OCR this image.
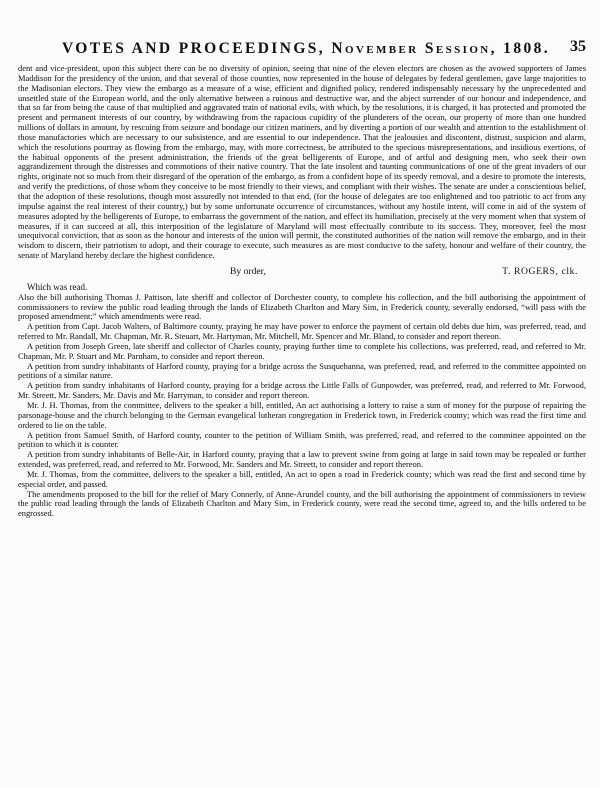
VOTES AND PROCEEDINGS, November Session, 1808. 35

dent and vice-president, upon this subject there can be no diversity of opinion, seeing that nine of the eleven electors are chosen as the avowed supporters of James Maddison for the presidency of the union, and that several of those counties, now represented in the house of delegates by federal gentlemen, gave large majorities to the Madisonian electors. They view the embargo as a measure of a wise, efficient and dignified policy, rendered indispensably necessary by the unprecedented and unsettled state of the European world, and the only alternative between a ruinous and destructive war, and the abject surrender of our honour and independence, and that so far from being the cause of that multiplied and aggravated train of national evils, with which, by the resolutions, it is charged, it has protected and promoted the present and permanent interests of our country, by withdrawing from the rapacious cupidity of the plunderers of the ocean, our property of more than one hundred millions of dollars in amount, by rescuing from seizure and bondage our citizen mariners, and by diverting a portion of our wealth and attention to the establishment of those manufactories which are necessary to our subsistence, and are essential to our independence. That the jealousies and discontent, distrust, suspicion and alarm, which the resolutions pourtray as flowing from the embargo, may, with more correctness, be attributed to the specious misrepresentations, and insidious exertions, of the habitual opponents of the present administration, the friends of the great belligerents of Europe, and of artful and designing men, who seek their own aggrandizement through the distresses and commotions of their native country. That the late insolent and taunting communications of one of the great invaders of our rights, originate not so much from their disregard of the operation of the embargo, as from a confident hope of its speedy removal, and a desire to promote the interests, and verify the predictions, of those whom they conceive to be most friendly to their views, and compliant with their wishes. The senate are under a conscientious belief, that the adoption of these resolutions, though most assuredly not intended to that end, (for the house of delegates are too enlightened and too patriotic to act from any impulse against the real interest of their country,) but by some unfortunate occurrence of circumstances, without any hostile intent, will come in aid of the system of measures adopted by the belligerents of Europe, to embarrass the government of the nation, and effect its humiliation, precisely at the very moment when that system of measures, if it can succeed at all, this interposition of the legislature of Maryland will most effectually contribute to its success. They, moreover, feel the most unequivocal conviction, that as soon as the honour and interests of the union will permit, the constituted authorities of the nation will remove the embargo, and in their wisdom to discern, their patriotism to adopt, and their courage to execute, such measures as are most conducive to the safety, honour and welfare of their country, the senate of Maryland hereby declare the highest confidence.

By order,	T. ROGERS, clk.

Which was read.

Also the bill authorising Thomas J. Pattison, late sheriff and collector of Dorchester county, to complete his collection, and the bill authorising the appointment of commissioners to review the public road leading through the lands of Elizabeth Charlton and Mary Sim, in Frederick county, severally endorsed, “will pass with the proposed amendment;” which amendments were read.

A petition from Capt. Jacob Walters, of Baltimore county, praying he may have power to enforce the payment of certain old debts due him, was preferred, read, and referred to Mr. Randall, Mr. Chapman, Mr. R. Steuart, Mr. Hartyman, Mr. Mitchell, Mr. Spencer and Mr. Bland, to consider and report thereon.

A petition from Joseph Green, late sheriff and collector of Charles county, praying further time to complete his collections, was preferred, read, and referred to Mr. Chapman, Mr. P. Stuart and Mr. Parnham, to consider and report thereon.

A petition from sundry inhabitants of Harford county, praying for a bridge across the Susquehanna, was preferred, read, and referred to the committee appointed on petitions of a similar nature.

A petition from sundry inhabitants of Harford county, praying for a bridge across the Little Falls of Gunpowder, was preferred, read, and referred to Mr. Forwood, Mr. Streett, Mr. Sanders, Mr. Davis and Mr. Harryman, to consider and report thereon.

Mr. J. H. Thomas, from the committee, delivers to the speaker a bill, entitled, An act authorising a lottery to raise a sum of money for the purpose of repairing the parsonage-house and the church belonging to the German evangelical lutheran congregation in Frederick town, in Frederick county; which was read the first time and ordered to lie on the table.

A petition from Samuel Smith, of Harford county, counter to the petition of William Smith, was preferred, read, and referred to the committee appointed on the petition to which it is counter.

A petition from sundry inhabitants of Belle-Air, in Harford county, praying that a law to prevent swine from going at large in said town may be repealed or further extended, was preferred, read, and referred to Mr. Forwood, Mr. Sanders and Mr. Streett, to consider and report thereon.

Mr. J. Thomas, from the committee, delivers to the speaker a bill, entitled, An act to open a road in Frederick county; which was read the first and second time by especial order, and passed.

The amendments proposed to the bill for the relief of Mary Connerly, of Anne-Arundel county, and the bill authorising the appointment of commissioners to review the public road leading through the lands of Elizabeth Charlton and Mary Sim, in Frederick county, were read the second time, agreed to, and the bills ordered to be engrossed.
